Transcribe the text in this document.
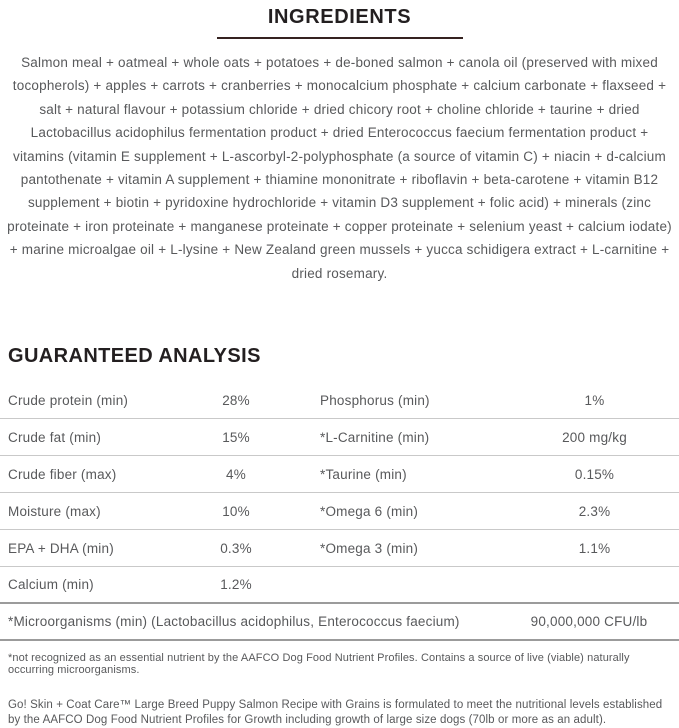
INGREDIENTS

Salmon meal + oatmeal + whole oats + potatoes + de-boned salmon + canola oil (preserved with mixed tocopherols) + apples + carrots + cranberries + monocalcium phosphate + calcium carbonate + flaxseed + salt + natural flavour + potassium chloride + dried chicory root + choline chloride + taurine + dried Lactobacillus acidophilus fermentation product + dried Enterococcus faecium fermentation product + vitamins (vitamin E supplement + L-ascorbyl-2-polyphosphate (a source of vitamin C) + niacin + d-calcium pantothenate + vitamin A supplement + thiamine mononitrate + riboflavin + beta-carotene + vitamin B12 supplement + biotin + pyridoxine hydrochloride + vitamin D3 supplement + folic acid) + minerals (zinc proteinate + iron proteinate + manganese proteinate + copper proteinate + selenium yeast + calcium iodate) + marine microalgae oil + L-lysine + New Zealand green mussels + yucca schidigera extract + L-carnitine + dried rosemary.

GUARANTEED ANALYSIS
Crude protein (min)	28%	Phosphorus (min)	1%
Crude fat (min)	15%	*L-Carnitine (min)	200 mg/kg
Crude fiber (max)	4%	*Taurine (min)	0.15%
Moisture (max)	10%	*Omega 6 (min)	2.3%
EPA + DHA (min)	0.3%	*Omega 3 (min)	1.1%
Calcium (min)	1.2%
*Microorganisms (min) (Lactobacillus acidophilus, Enterococcus faecium)	90,000,000 CFU/lb

*not recognized as an essential nutrient by the AAFCO Dog Food Nutrient Profiles. Contains a source of live (viable) naturally occurring microorganisms.

Go! Skin + Coat Care™ Large Breed Puppy Salmon Recipe with Grains is formulated to meet the nutritional levels established by the AAFCO Dog Food Nutrient Profiles for Growth including growth of large size dogs (70lb or more as an adult).
